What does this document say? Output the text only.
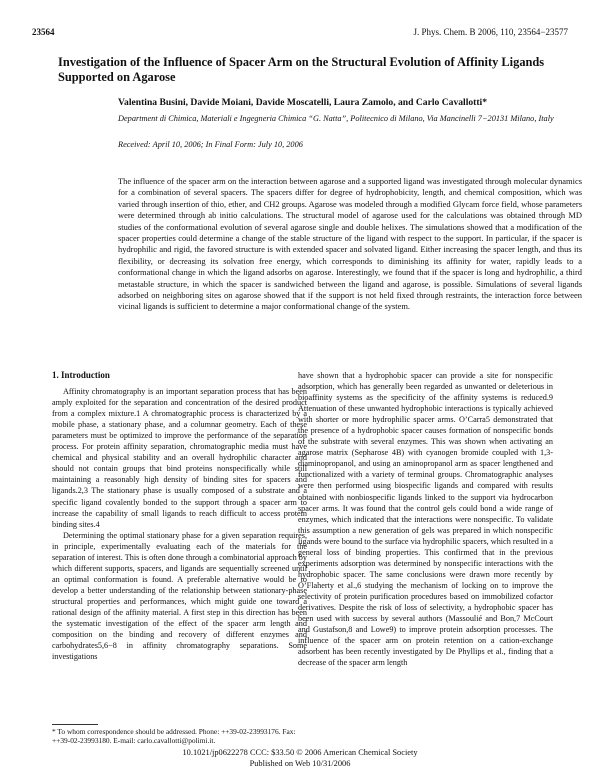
23564	J. Phys. Chem. B 2006, 110, 23564−23577
Investigation of the Influence of Spacer Arm on the Structural Evolution of Affinity Ligands Supported on Agarose
Valentina Busini, Davide Moiani, Davide Moscatelli, Laura Zamolo, and Carlo Cavallotti*
Department di Chimica, Materiali e Ingegneria Chimica “G. Natta”, Politecnico di Milano, Via Mancinelli 7−20131 Milano, Italy
Received: April 10, 2006; In Final Form: July 10, 2006
The influence of the spacer arm on the interaction between agarose and a supported ligand was investigated through molecular dynamics for a combination of several spacers. The spacers differ for degree of hydrophobicity, length, and chemical composition, which was varied through insertion of thio, ether, and CH2 groups. Agarose was modeled through a modified Glycam force field, whose parameters were determined through ab initio calculations. The structural model of agarose used for the calculations was obtained through MD studies of the conformational evolution of several agarose single and double helixes. The simulations showed that a modification of the spacer properties could determine a change of the stable structure of the ligand with respect to the support. In particular, if the spacer is hydrophilic and rigid, the favored structure is with extended spacer and solvated ligand. Either increasing the spacer length, and thus its flexibility, or decreasing its solvation free energy, which corresponds to diminishing its affinity for water, rapidly leads to a conformational change in which the ligand adsorbs on agarose. Interestingly, we found that if the spacer is long and hydrophilic, a third metastable structure, in which the spacer is sandwiched between the ligand and agarose, is possible. Simulations of several ligands adsorbed on neighboring sites on agarose showed that if the support is not held fixed through restraints, the interaction force between vicinal ligands is sufficient to determine a major conformational change of the system.
1. Introduction

Affinity chromatography is an important separation process that has been amply exploited for the separation and concentration of the desired product from a complex mixture.1 A chromatographic process is characterized by a mobile phase, a stationary phase, and a columnar geometry. Each of these parameters must be optimized to improve the performance of the separation process. For protein affinity separation, chromatographic media must have chemical and physical stability and an overall hydrophilic character and should not contain groups that bind proteins nonspecifically while still maintaining a reasonably high density of binding sites for spacers and ligands.2,3 The stationary phase is usually composed of a substrate and a specific ligand covalently bonded to the support through a spacer arm to increase the capability of small ligands to reach difficult to access protein binding sites.4

Determining the optimal stationary phase for a given separation requires, in principle, experimentally evaluating each of the materials for the separation of interest. This is often done through a combinatorial approach by which different supports, spacers, and ligands are sequentially screened until an optimal conformation is found. A preferable alternative would be to develop a better understanding of the relationship between stationary-phase structural properties and performances, which might guide one toward a rational design of the affinity material. A first step in this direction has been the systematic investigation of the effect of the spacer arm length and composition on the binding and recovery of different enzymes and carbohydrates5,6−8 in affinity chromatography separations. Some investigations

have shown that a hydrophobic spacer can provide a site for nonspecific adsorption, which has generally been regarded as unwanted or deleterious in bioaffinity systems as the specificity of the affinity systems is reduced.9 Attenuation of these unwanted hydrophobic interactions is typically achieved with shorter or more hydrophilic spacer arms. O’Carra5 demonstrated that the presence of a hydrophobic spacer causes formation of nonspecific bonds of the substrate with several enzymes. This was shown when activating an agarose matrix (Sepharose 4B) with cyanogen bromide coupled with 1,3-diaminopropanol, and using an aminopropanol arm as spacer lengthened and functionalized with a variety of terminal groups. Chromatographic analyses were then performed using biospecific ligands and compared with results obtained with nonbiospecific ligands linked to the support via hydrocarbon spacer arms. It was found that the control gels could bond a wide range of enzymes, which indicated that the interactions were nonspecific. To validate this assumption a new generation of gels was prepared in which nonspecific ligands were bound to the surface via hydrophilic spacers, which resulted in a general loss of binding properties. This confirmed that in the previous experiments adsorption was determined by nonspecific interactions with the hydrophobic spacer. The same conclusions were drawn more recently by O’Flaherty et al.,6 studying the mechanism of locking on to improve the selectivity of protein purification procedures based on immobilized cofactor derivatives. Despite the risk of loss of selectivity, a hydrophobic spacer has been used with success by several authors (Massoulié and Bon,7 McCourt and Gustafson,8 and Lowe9) to improve protein adsorption processes. The influence of the spacer arm on protein retention on a cation-exchange adsorbent has been recently investigated by De Phyllips et al., finding that a decrease of the spacer arm length

* To whom correspondence should be addressed. Phone: ++39-02-23993176. Fax: ++39-02-23993180. E-mail: carlo.cavallotti@polimi.it.
10.1021/jp0622278 CCC: $33.50 © 2006 American Chemical Society
Published on Web 10/31/2006
